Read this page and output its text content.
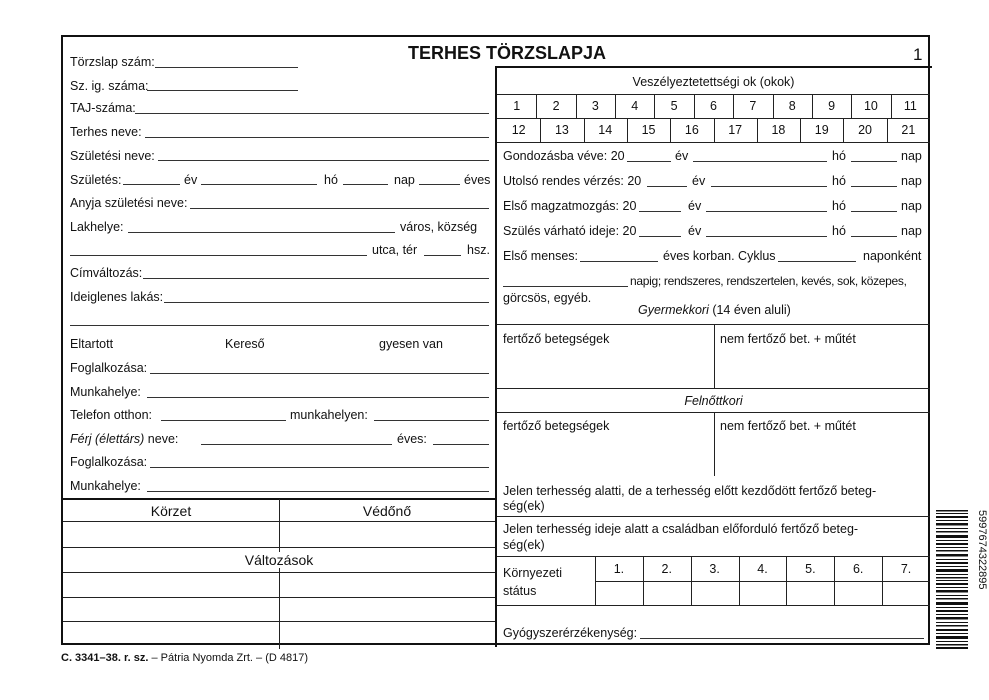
TERHES TÖRZSLAPJA	1
Törzslap szám:
Sz. ig. száma:
TAJ-száma:
Terhes neve:
Születési neve:
Születés:	év	hó	nap	éves
Anyja születési neve:
Lakhelye:	város, község
utca, tér	hsz.
Címváltozás:
Ideiglenes lakás:
Eltartott	Kereső	gyesen van
Foglalkozása:
Munkahelye:
Telefon otthon:	munkahelyen:
Férj (élettárs) neve:	éves:
Foglalkozása:
Munkahelye:
Körzet	Védőnő
Változások
Veszélyeztetettségi ok (okok)
1	2	3	4	5	6	7	8	9	10	11
12	13	14	15	16	17	18	19	20	21
Gondozásba véve: 20	év	hó	nap
Utolsó rendes vérzés: 20	év	hó	nap
Első magzatmozgás: 20	év	hó	nap
Szülés várható ideje: 20	év	hó	nap
Első menses:	éves korban. Cyklus	naponként
napig; rendszeres, rendszertelen, kevés, sok, közepes,
görcsös, egyéb.
Gyermekkori (14 éven aluli)
fertőző betegségek	nem fertőző bet. + műtét
Felnőttkori
fertőző betegségek	nem fertőző bet. + műtét
Jelen terhesség alatti, de a terhesség előtt kezdődött fertőző beteg-
ség(ek)
Jelen terhesség ideje alatt a családban előforduló fertőző beteg-
ség(ek)
Környezeti
státus
1.	2.	3.	4.	5.	6.	7.
Gyógyszerérzékenység:
C. 3341–38. r. sz. – Pátria Nyomda Zrt. – (D 4817)
5997674322895
